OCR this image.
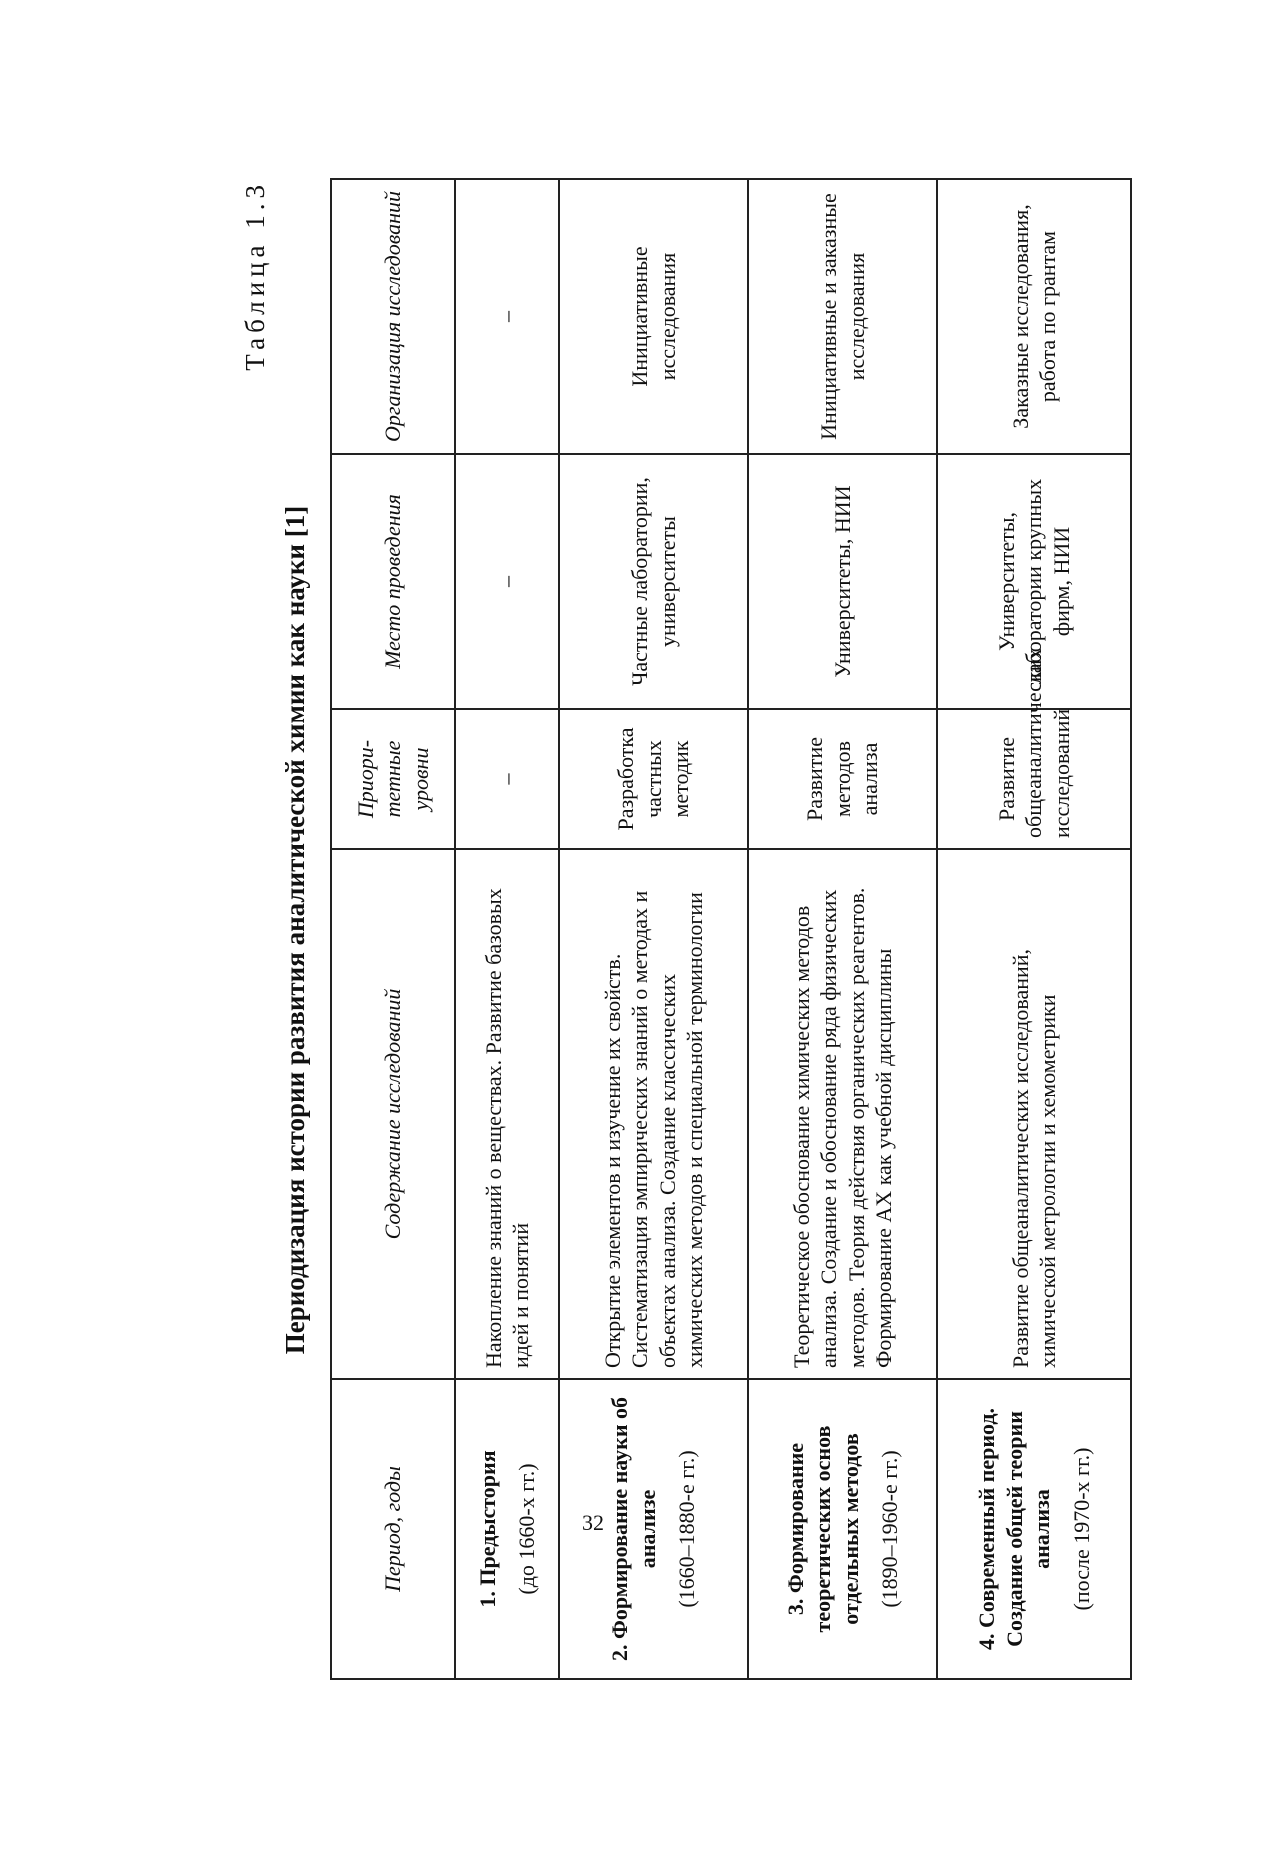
Таблица 1.3
Периодизация истории развития аналитической химии как науки [1]
Период, годы	Содержание исследований	Приори-тетные уровни	Место проведения	Организация исследований

1. Предыстория (до 1660-х гг.)	Накопление знаний о веществах. Развитие базовых идей и понятий	–	–	–

2. Формирование науки об анализе (1660–1880-е гг.)	Открытие элементов и изучение их свойств. Систематизация эмпирических знаний о методах и объектах анализа. Создание классических химических методов и специальной терминологии	Разработка частных методик	Частные лаборатории, университеты	Инициативные исследования

3. Формирование теоретических основ отдельных методов (1890–1960-е гг.)	Теоретическое обоснование химических методов анализа. Создание и обоснование ряда физических методов. Теория действия органических реагентов. Формирование АХ как учебной дисциплины	Развитие методов анализа	Университеты, НИИ	Инициативные и заказные исследования

4. Современный период. Создание общей теории анализа (после 1970-х гг.)	Развитие общеаналитических исследований, химической метрологии и хемометрики	Развитие общеаналитических исследований	Университеты, лаборатории крупных фирм, НИИ	Заказные исследования, работа по грантам
32
